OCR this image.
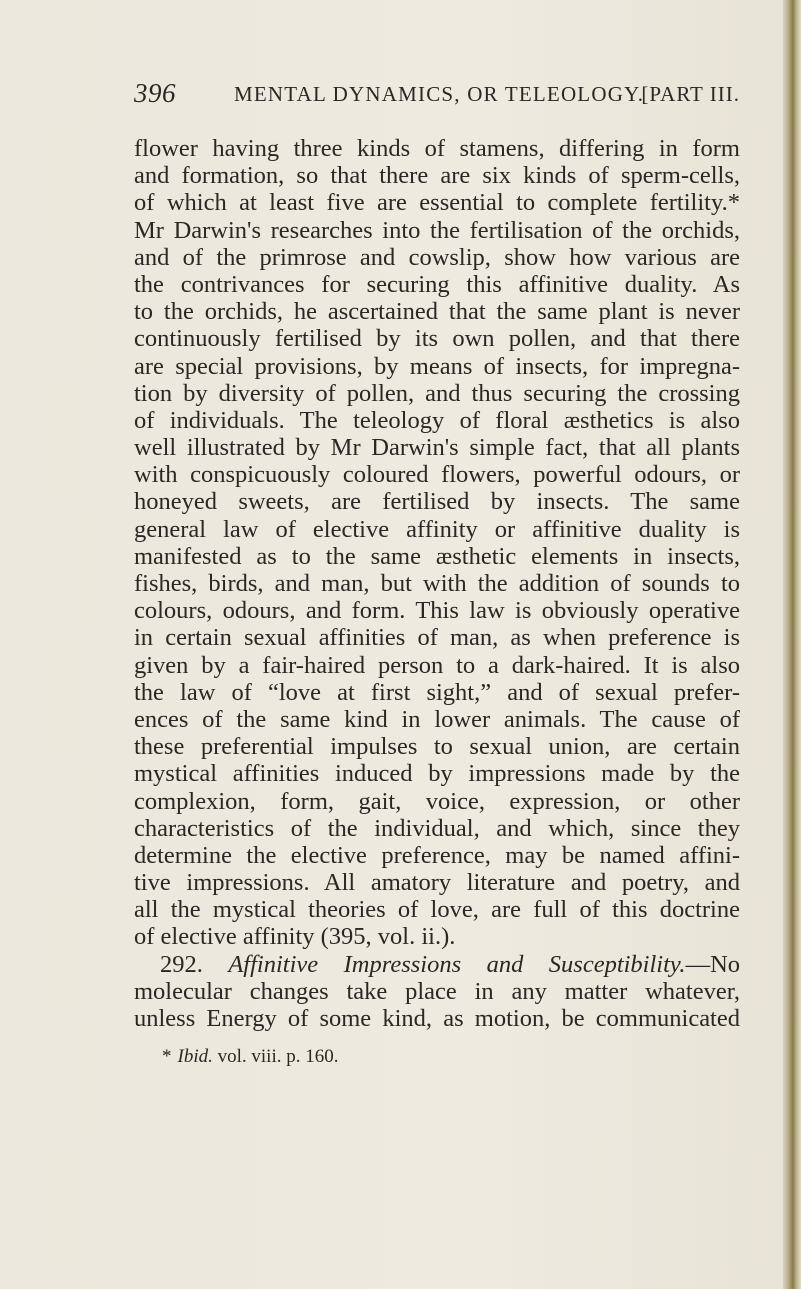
396	MENTAL DYNAMICS, OR TELEOLOGY.
[PART III.
flower having three kinds of stamens, differing in form
and formation, so that there are six kinds of sperm-cells,
of which at least five are essential to complete fertility.*
Mr Darwin's researches into the fertilisation of the orchids,
and of the primrose and cowslip, show how various are
the contrivances for securing this affinitive duality. As
to the orchids, he ascertained that the same plant is never
continuously fertilised by its own pollen, and that there
are special provisions, by means of insects, for impregna-
tion by diversity of pollen, and thus securing the crossing
of individuals. The teleology of floral æsthetics is also
well illustrated by Mr Darwin's simple fact, that all plants
with conspicuously coloured flowers, powerful odours, or
honeyed sweets, are fertilised by insects. The same
general law of elective affinity or affinitive duality is
manifested as to the same æsthetic elements in insects,
fishes, birds, and man, but with the addition of sounds to
colours, odours, and form. This law is obviously operative
in certain sexual affinities of man, as when preference is
given by a fair-haired person to a dark-haired. It is also
the law of “love at first sight,” and of sexual prefer-
ences of the same kind in lower animals. The cause of
these preferential impulses to sexual union, are certain
mystical affinities induced by impressions made by the
complexion, form, gait, voice, expression, or other
characteristics of the individual, and which, since they
determine the elective preference, may be named affini-
tive impressions. All amatory literature and poetry, and
all the mystical theories of love, are full of this doctrine
of elective affinity (395, vol. ii.).
292. Affinitive Impressions and Susceptibility.—No
molecular changes take place in any matter whatever,
unless Energy of some kind, as motion, be communicated
* Ibid. vol. viii. p. 160.
